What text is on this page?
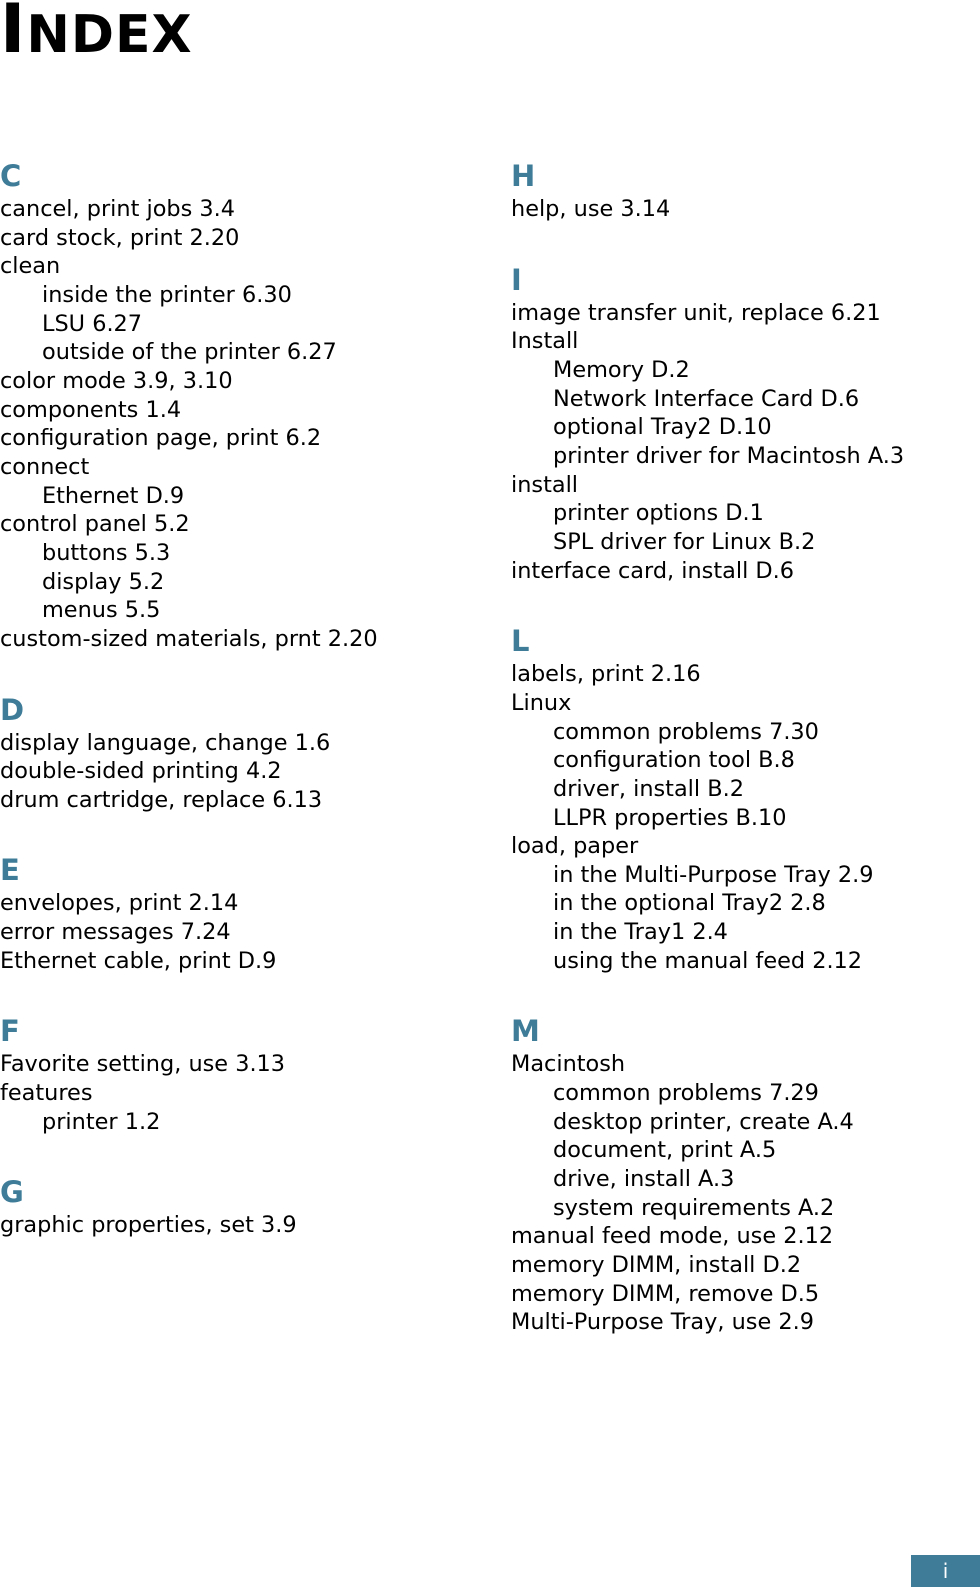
INDEX
C
cancel, print jobs 3.4
card stock, print 2.20
clean
inside the printer 6.30
LSU 6.27
outside of the printer 6.27
color mode 3.9, 3.10
components 1.4
configuration page, print 6.2
connect
Ethernet D.9
control panel 5.2
buttons 5.3
display 5.2
menus 5.5
custom-sized materials, prnt 2.20
D
display language, change 1.6
double-sided printing 4.2
drum cartridge, replace 6.13
E
envelopes, print 2.14
error messages 7.24
Ethernet cable, print D.9
F
Favorite setting, use 3.13
features
printer 1.2
G
graphic properties, set 3.9
H
help, use 3.14
I
image transfer unit, replace 6.21
Install
Memory D.2
Network Interface Card D.6
optional Tray2 D.10
printer driver for Macintosh A.3
install
printer options D.1
SPL driver for Linux B.2
interface card, install D.6
L
labels, print 2.16
Linux
common problems 7.30
configuration tool B.8
driver, install B.2
LLPR properties B.10
load, paper
in the Multi-Purpose Tray 2.9
in the optional Tray2 2.8
in the Tray1 2.4
using the manual feed 2.12
M
Macintosh
common problems 7.29
desktop printer, create A.4
document, print A.5
drive, install A.3
system requirements A.2
manual feed mode, use 2.12
memory DIMM, install D.2
memory DIMM, remove D.5
Multi-Purpose Tray, use 2.9
i
